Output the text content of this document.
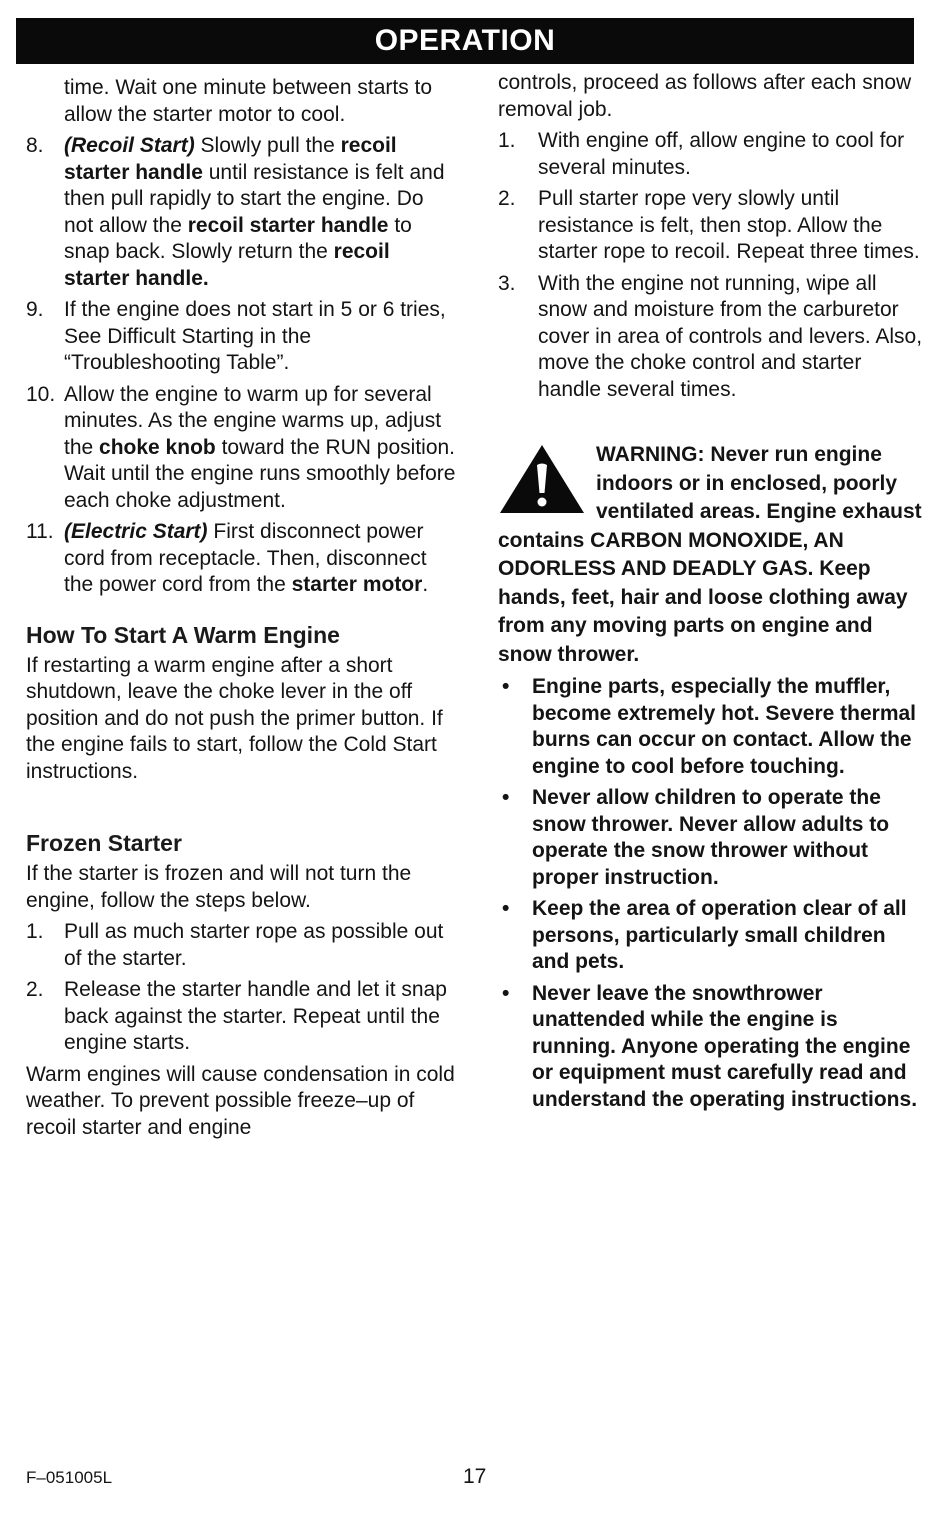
OPERATION

time. Wait one minute between starts to allow the starter motor to cool.

8. (Recoil Start) Slowly pull the recoil starter handle until resistance is felt and then pull rapidly to start the engine. Do not allow the recoil starter handle to snap back. Slowly return the recoil starter handle.

9. If the engine does not start in 5 or 6 tries, See Difficult Starting in the “Troubleshooting Table”.

10. Allow the engine to warm up for several minutes. As the engine warms up, adjust the choke knob toward the RUN position. Wait until the engine runs smoothly before each choke adjustment.

11. (Electric Start) First disconnect power cord from receptacle. Then, disconnect the power cord from the starter motor.

How To Start A Warm Engine

If restarting a warm engine after a short shutdown, leave the choke lever in the off position and do not push the primer button. If the engine fails to start, follow the Cold Start instructions.

Frozen Starter

If the starter is frozen and will not turn the engine, follow the steps below.

1. Pull as much starter rope as possible out of the starter.

2. Release the starter handle and let it snap back against the starter. Repeat until the engine starts.

Warm engines will cause condensation in cold weather. To prevent possible freeze–up of recoil starter and engine

controls, proceed as follows after each snow removal job.

1. With engine off, allow engine to cool for several minutes.

2. Pull starter rope very slowly until resistance is felt, then stop. Allow the starter rope to recoil. Repeat three times.

3. With the engine not running, wipe all snow and moisture from the carburetor cover in area of controls and levers. Also, move the choke control and starter handle several times.

WARNING: Never run engine indoors or in enclosed, poorly ventilated areas. Engine exhaust contains CARBON MONOXIDE, AN ODORLESS AND DEADLY GAS. Keep hands, feet, hair and loose clothing away from any moving parts on engine and snow thrower.

• Engine parts, especially the muffler, become extremely hot. Severe thermal burns can occur on contact. Allow the engine to cool before touching.

• Never allow children to operate the snow thrower. Never allow adults to operate the snow thrower without proper instruction.

• Keep the area of operation clear of all persons, particularly small children and pets.

• Never leave the snowthrower unattended while the engine is running. Anyone operating the engine or equipment must carefully read and understand the operating instructions.

F–051005L	17
